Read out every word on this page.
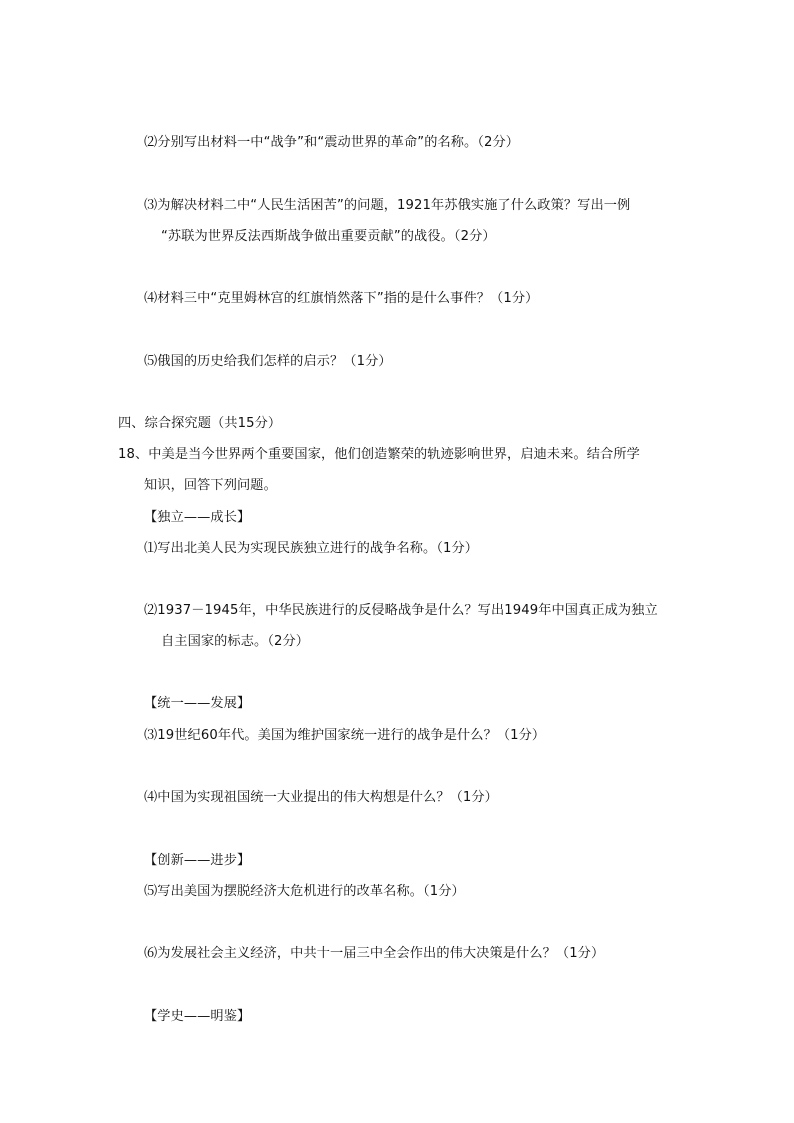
⑵分别写出材料一中“战争”和“震动世界的革命”的名称。（2分）
⑶为解决材料二中“人民生活困苦”的问题，1921年苏俄实施了什么政策？写出一例
“苏联为世界反法西斯战争做出重要贡献”的战役。（2分）
⑷材料三中“克里姆林宫的红旗悄然落下”指的是什么事件？（1分）
⑸俄国的历史给我们怎样的启示？（1分）
四、综合探究题（共15分）
18、中美是当今世界两个重要国家，他们创造繁荣的轨迹影响世界，启迪未来。结合所学
知识，回答下列问题。
【独立——成长】
⑴写出北美人民为实现民族独立进行的战争名称。（1分）
⑵1937－1945年，中华民族进行的反侵略战争是什么？写出1949年中国真正成为独立
自主国家的标志。（2分）
【统一——发展】
⑶19世纪60年代。美国为维护国家统一进行的战争是什么？（1分）
⑷中国为实现祖国统一大业提出的伟大构想是什么？（1分）
【创新——进步】
⑸写出美国为摆脱经济大危机进行的改革名称。（1分）
⑹为发展社会主义经济，中共十一届三中全会作出的伟大决策是什么？（1分）
【学史——明鉴】
